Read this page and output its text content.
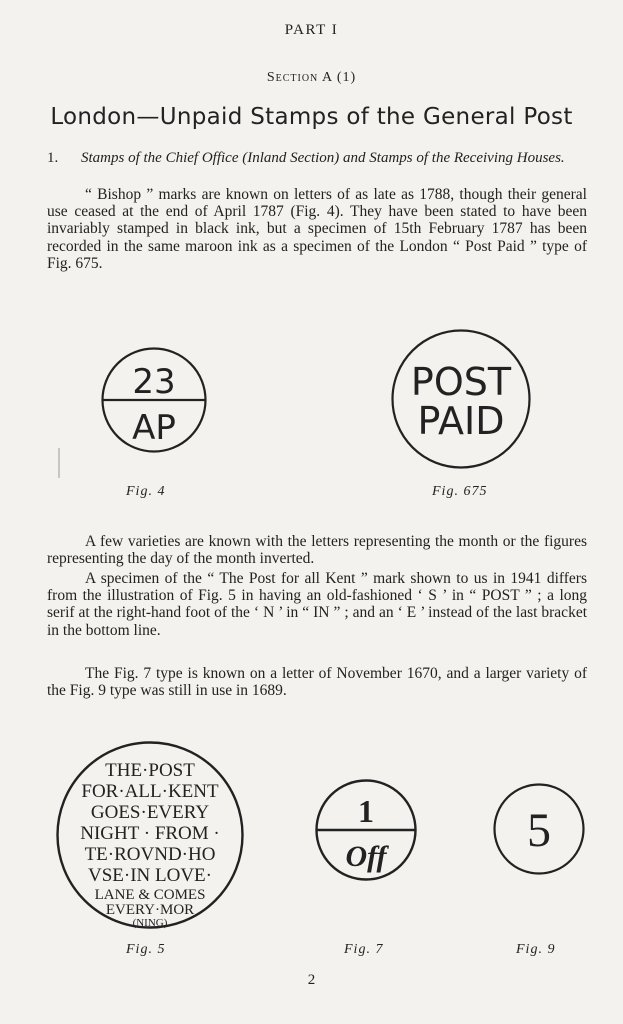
PART I
Section A (1)
London—Unpaid Stamps of the General Post
1. Stamps of the Chief Office (Inland Section) and Stamps of the Receiving Houses.

“ Bishop ” marks are known on letters of as late as 1788, though their general use ceased at the end of April 1787 (Fig. 4). They have been stated to have been invariably stamped in black ink, but a specimen of 15th February 1787 has been recorded in the same maroon ink as a specimen of the London “ Post Paid ” type of Fig. 675.

23
AP
Fig. 4
POST
PAID
Fig. 675

A few varieties are known with the letters representing the month or the figures representing the day of the month inverted.

A specimen of the “ The Post for all Kent ” mark shown to us in 1941 differs from the illustration of Fig. 5 in having an old-fashioned ‘ S ’ in “ POST ” ; a long serif at the right-hand foot of the ‘ N ’ in “ IN ” ; and an ‘ E ’ instead of the last bracket in the bottom line.

The Fig. 7 type is known on a letter of November 1670, and a larger variety of the Fig. 9 type was still in use in 1689.

THE·POST
FOR·ALL·KENT
GOES·EVERY
NIGHT · FROM ·
TE·ROVND·HO
VSE·IN LOVE·
LANE & COMES
EVERY·MOR
(NING)
Fig. 5
1
Off
Fig. 7
5
Fig. 9
2
